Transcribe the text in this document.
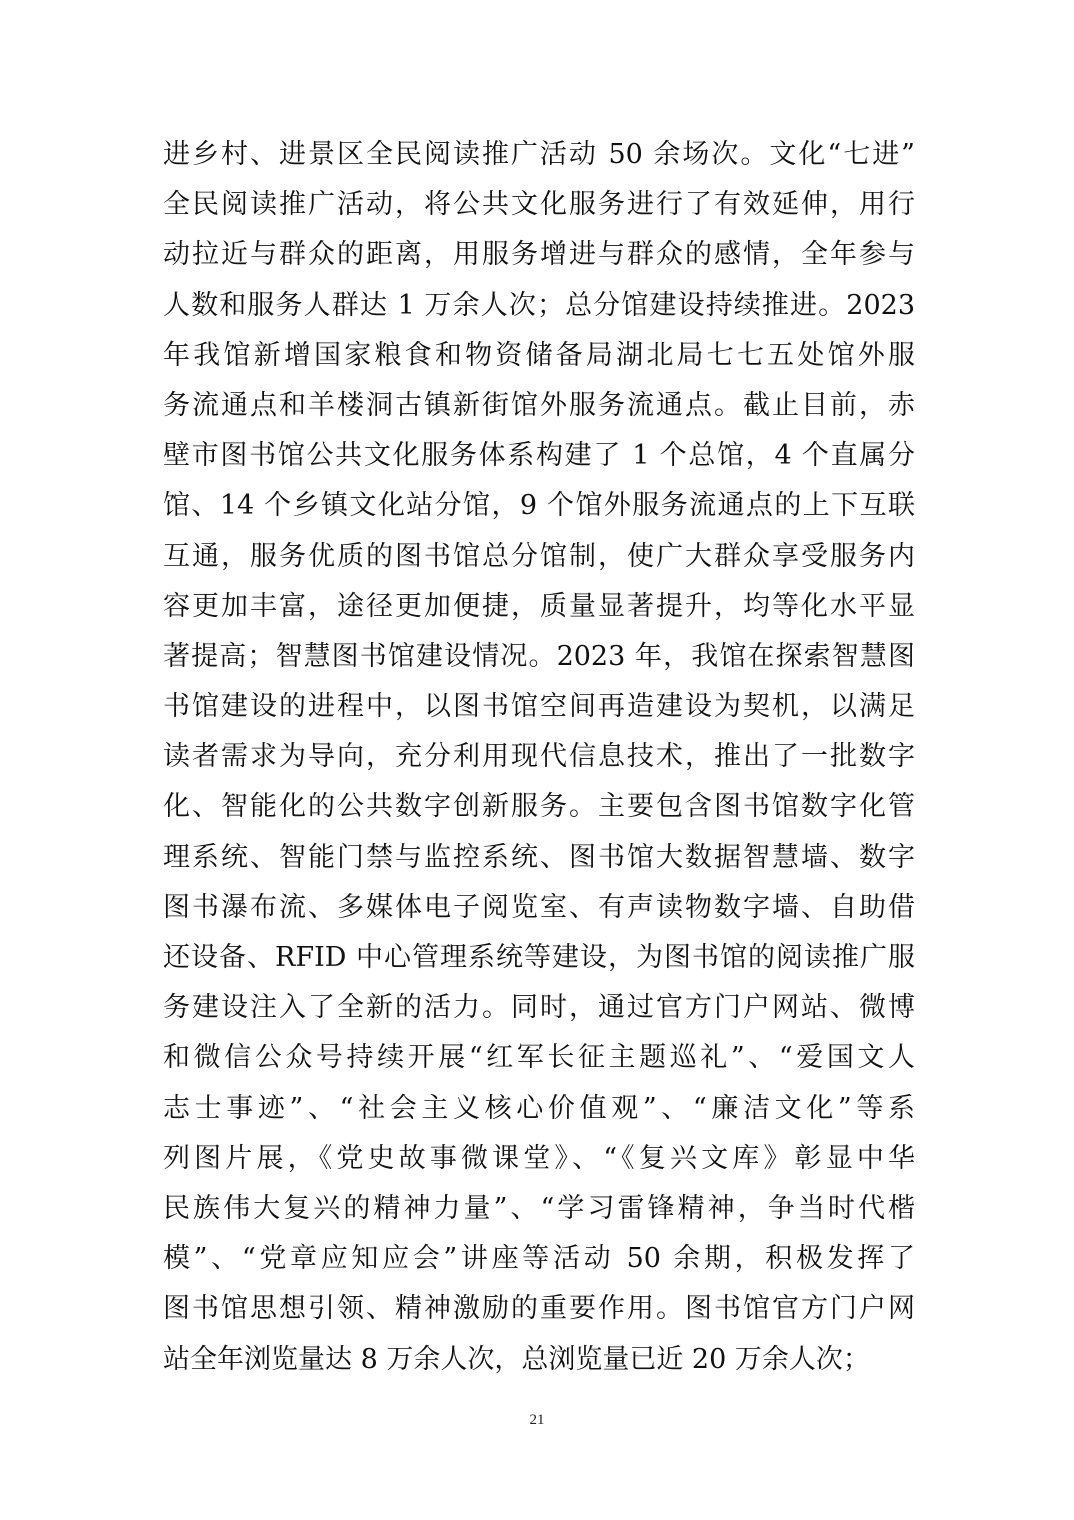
进乡村、进景区全民阅读推广活动 50 余场次。文化“七进”
全民阅读推广活动，将公共文化服务进行了有效延伸，用行
动拉近与群众的距离，用服务增进与群众的感情，全年参与
人数和服务人群达 1 万余人次；总分馆建设持续推进。2023
年我馆新增国家粮食和物资储备局湖北局七七五处馆外服
务流通点和羊楼洞古镇新街馆外服务流通点。截止目前，赤
壁市图书馆公共文化服务体系构建了 1 个总馆，4 个直属分
馆、14 个乡镇文化站分馆，9 个馆外服务流通点的上下互联
互通，服务优质的图书馆总分馆制，使广大群众享受服务内
容更加丰富，途径更加便捷，质量显著提升，均等化水平显
著提高；智慧图书馆建设情况。2023 年，我馆在探索智慧图
书馆建设的进程中，以图书馆空间再造建设为契机，以满足
读者需求为导向，充分利用现代信息技术，推出了一批数字
化、智能化的公共数字创新服务。主要包含图书馆数字化管
理系统、智能门禁与监控系统、图书馆大数据智慧墙、数字
图书瀑布流、多媒体电子阅览室、有声读物数字墙、自助借
还设备、RFID 中心管理系统等建设，为图书馆的阅读推广服
务建设注入了全新的活力。同时，通过官方门户网站、微博
和微信公众号持续开展“红军长征主题巡礼”、“爱国文人
志士事迹”、“社会主义核心价值观”、“廉洁文化”等系
列图片展，《党史故事微课堂》、“《复兴文库》彰显中华
民族伟大复兴的精神力量”、“学习雷锋精神，争当时代楷
模”、“党章应知应会”讲座等活动 50 余期，积极发挥了
图书馆思想引领、精神激励的重要作用。图书馆官方门户网
站全年浏览量达 8 万余人次，总浏览量已近 20 万余人次；
21
